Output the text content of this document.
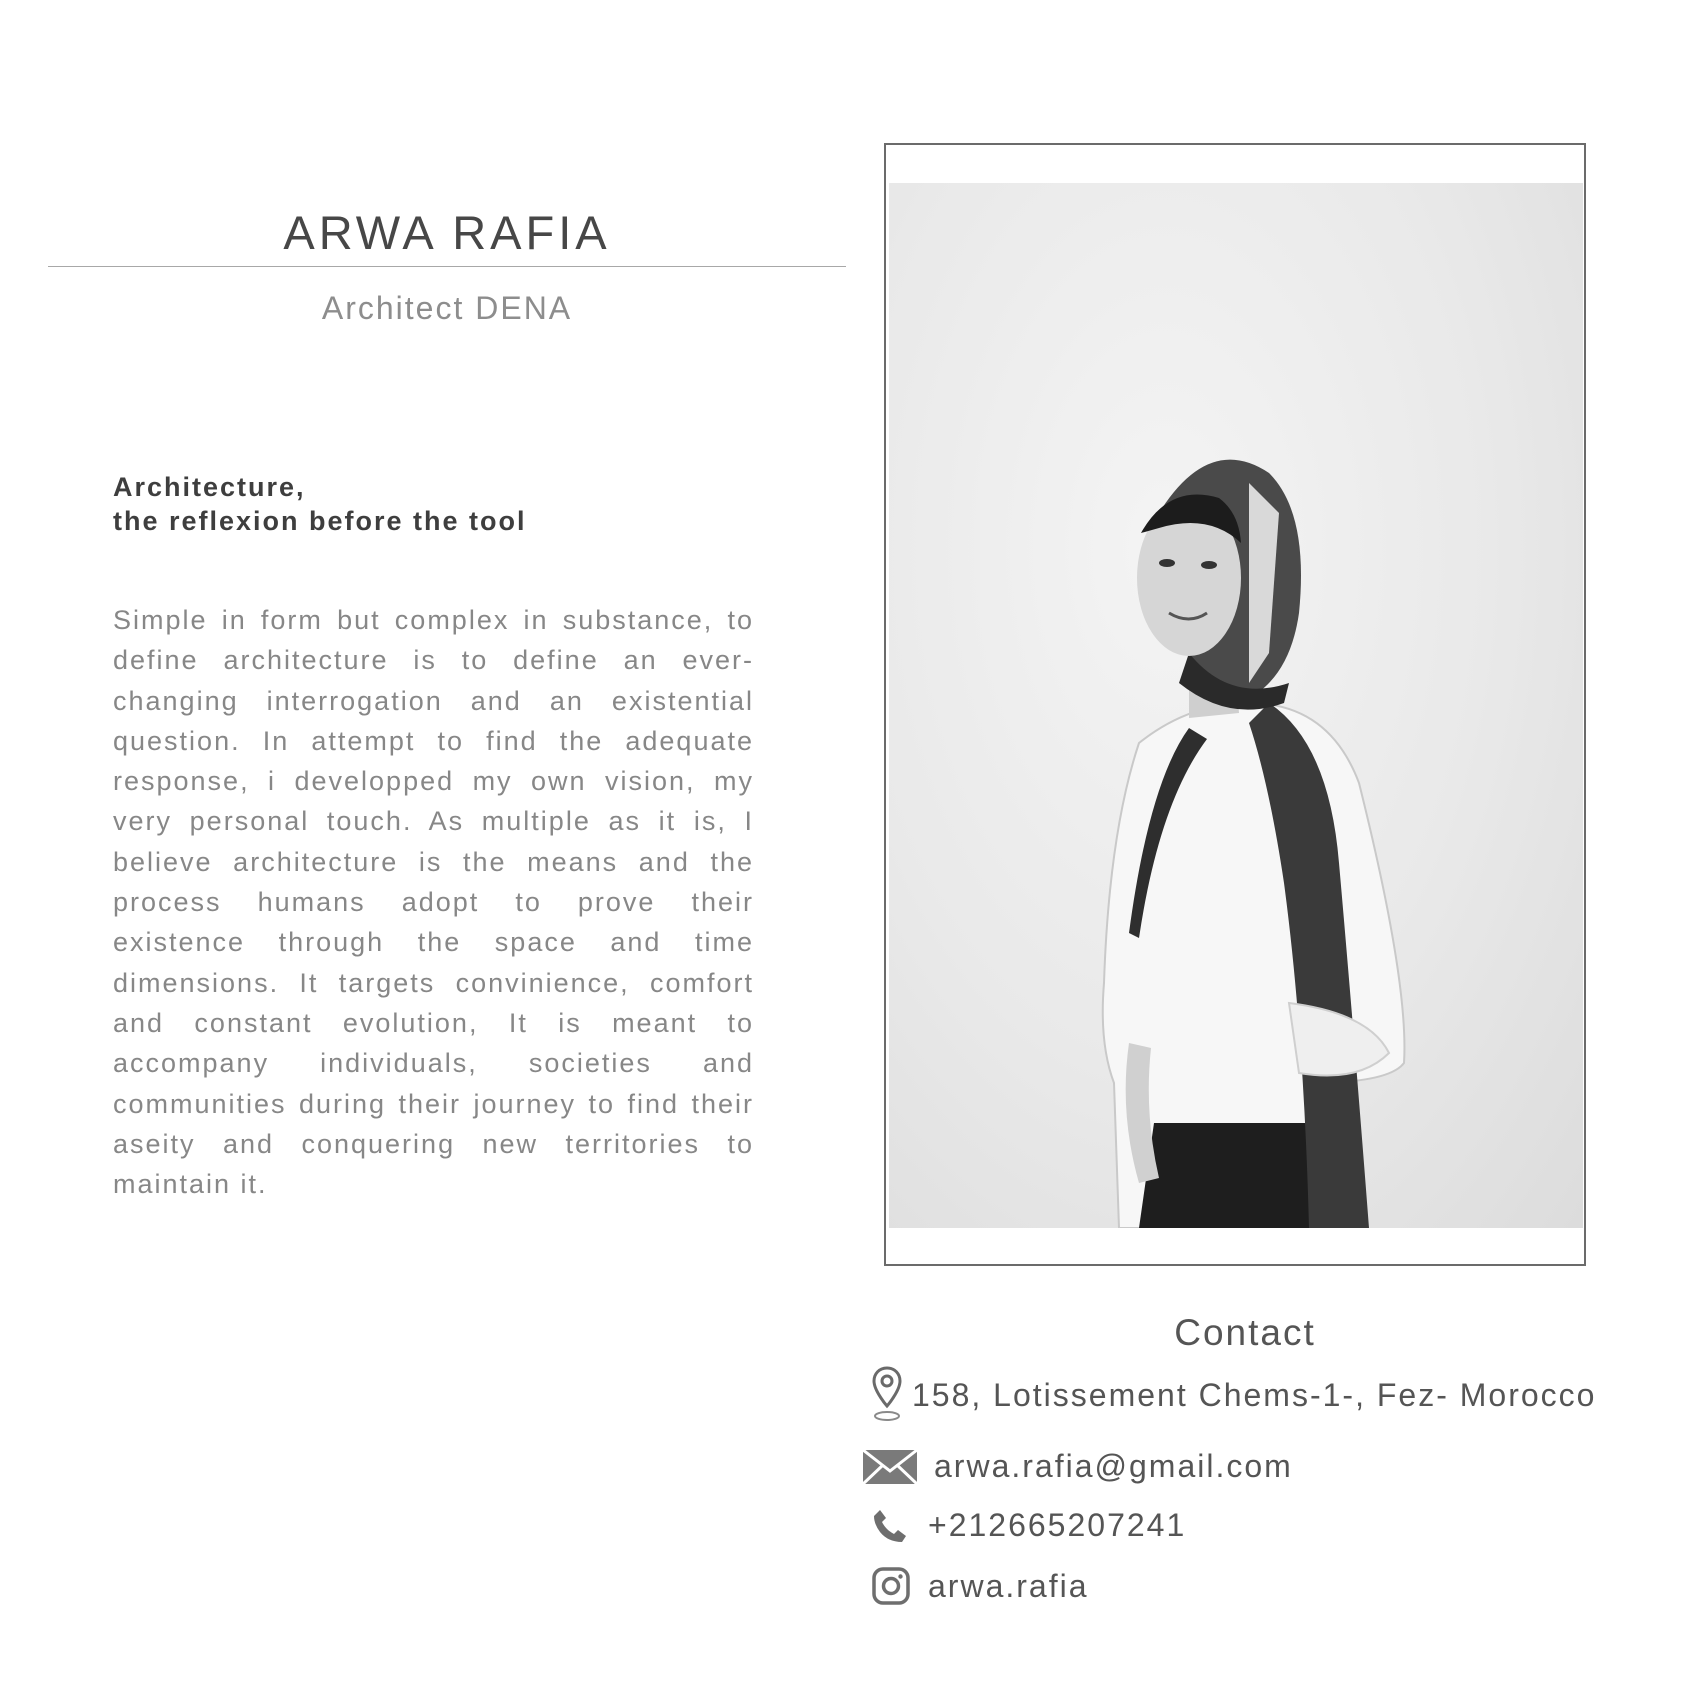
ARWA RAFIA
Architect DENA
Architecture,
the reflexion before the tool

Simple in form but complex in substance, to define architecture is to define an ever-changing interrogation and an existential question. In attempt to find the adequate response, i developped my own vision, my very personal touch. As multiple as it is, I believe architecture is the means and the process humans adopt to prove their existence through the space and time dimensions. It targets convinience, comfort and constant evolution, It is meant to accompany individuals, societies and communities during their journey to find their aseity and conquering new territories to maintain it.

Contact
158, Lotissement Chems-1-, Fez- Morocco
arwa.rafia@gmail.com
+212665207241
arwa.rafia
